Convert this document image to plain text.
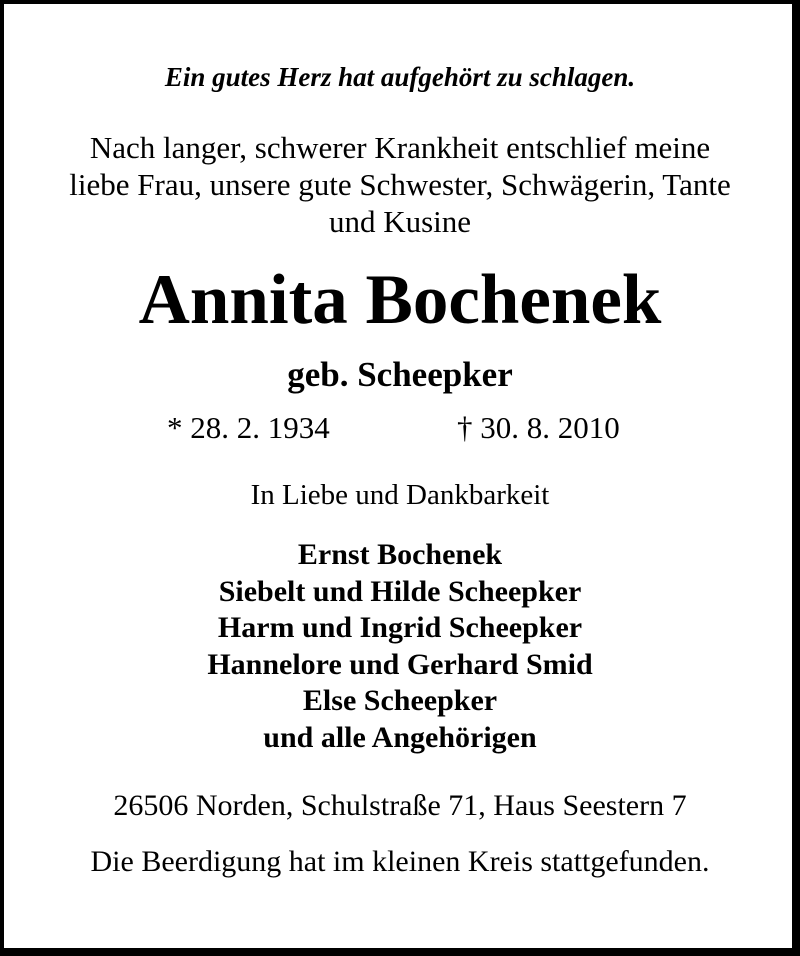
Ein gutes Herz hat aufgehört zu schlagen.
Nach langer, schwerer Krankheit entschlief meine
liebe Frau, unsere gute Schwester, Schwägerin, Tante
und Kusine
Annita Bochenek
geb. Scheepker
* 28. 2. 1934	† 30. 8. 2010
In Liebe und Dankbarkeit
Ernst Bochenek
Siebelt und Hilde Scheepker
Harm und Ingrid Scheepker
Hannelore und Gerhard Smid
Else Scheepker
und alle Angehörigen
26506 Norden, Schulstraße 71, Haus Seestern 7
Die Beerdigung hat im kleinen Kreis stattgefunden.
